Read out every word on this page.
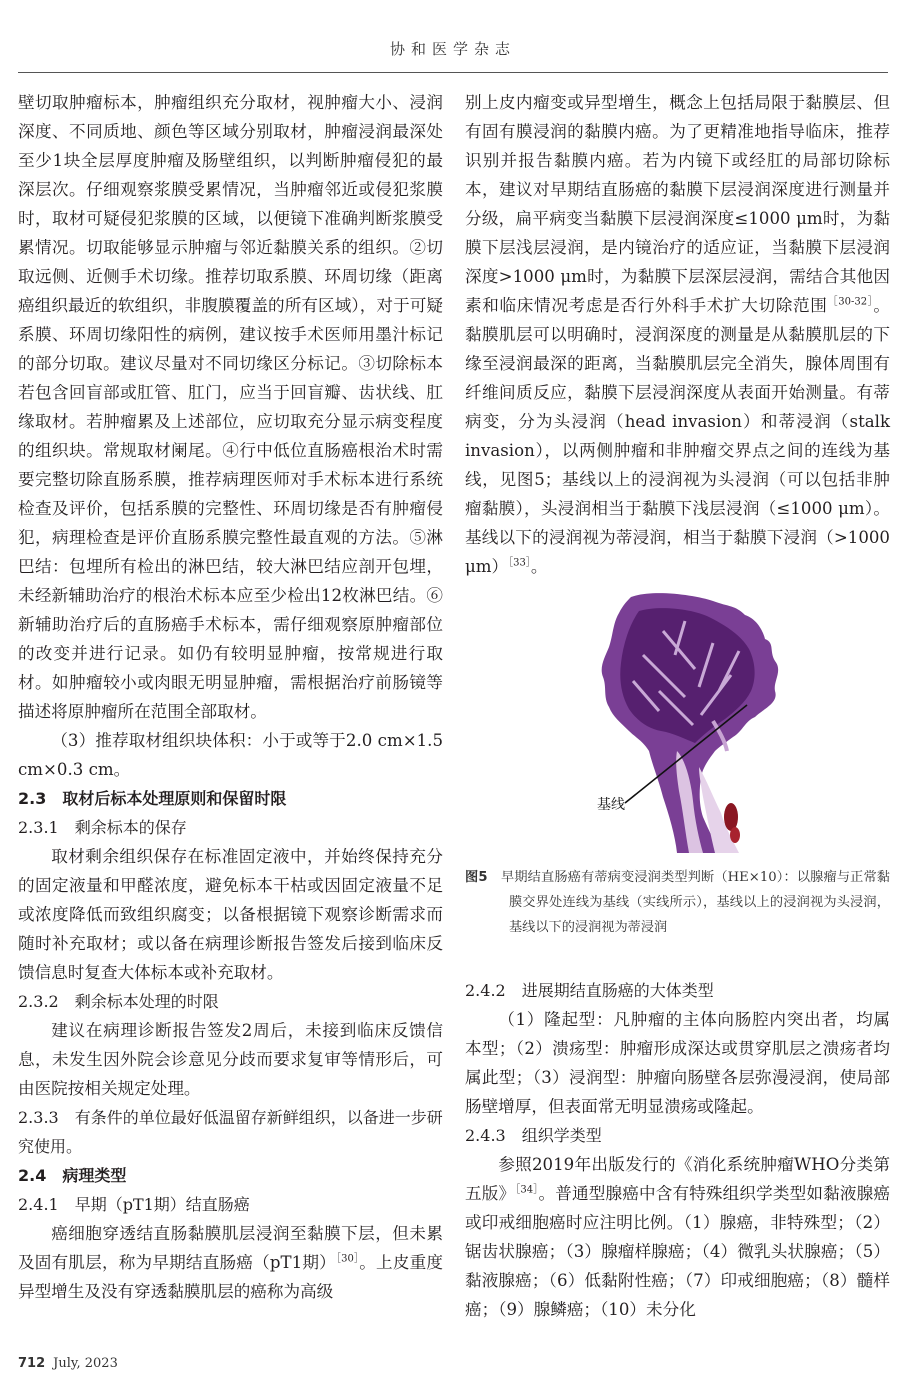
协和医学杂志

壁切取肿瘤标本，肿瘤组织充分取材，视肿瘤大小、浸润深度、不同质地、颜色等区域分别取材，肿瘤浸润最深处至少1块全层厚度肿瘤及肠壁组织，以判断肿瘤侵犯的最深层次。仔细观察浆膜受累情况，当肿瘤邻近或侵犯浆膜时，取材可疑侵犯浆膜的区域，以便镜下准确判断浆膜受累情况。切取能够显示肿瘤与邻近黏膜关系的组织。②切取远侧、近侧手术切缘。推荐切取系膜、环周切缘（距离癌组织最近的软组织，非腹膜覆盖的所有区域），对于可疑系膜、环周切缘阳性的病例，建议按手术医师用墨汁标记的部分切取。建议尽量对不同切缘区分标记。③切除标本若包含回盲部或肛管、肛门，应当于回盲瓣、齿状线、肛缘取材。若肿瘤累及上述部位，应切取充分显示病变程度的组织块。常规取材阑尾。④行中低位直肠癌根治术时需要完整切除直肠系膜，推荐病理医师对手术标本进行系统检查及评价，包括系膜的完整性、环周切缘是否有肿瘤侵犯，病理检查是评价直肠系膜完整性最直观的方法。⑤淋巴结：包埋所有检出的淋巴结，较大淋巴结应剖开包埋，未经新辅助治疗的根治术标本应至少检出12枚淋巴结。⑥新辅助治疗后的直肠癌手术标本，需仔细观察原肿瘤部位的改变并进行记录。如仍有较明显肿瘤，按常规进行取材。如肿瘤较小或肉眼无明显肿瘤，需根据治疗前肠镜等描述将原肿瘤所在范围全部取材。

（3）推荐取材组织块体积：小于或等于2.0 cm×1.5 cm×0.3 cm。

2.3　取材后标本处理原则和保留时限

2.3.1　剩余标本的保存

取材剩余组织保存在标准固定液中，并始终保持充分的固定液量和甲醛浓度，避免标本干枯或因固定液量不足或浓度降低而致组织腐变；以备根据镜下观察诊断需求而随时补充取材；或以备在病理诊断报告签发后接到临床反馈信息时复查大体标本或补充取材。

2.3.2　剩余标本处理的时限

建议在病理诊断报告签发2周后，未接到临床反馈信息，未发生因外院会诊意见分歧而要求复审等情形后，可由医院按相关规定处理。

2.3.3　有条件的单位最好低温留存新鲜组织，以备进一步研究使用。

2.4　病理类型

2.4.1　早期（pT1期）结直肠癌

癌细胞穿透结直肠黏膜肌层浸润至黏膜下层，但未累及固有肌层，称为早期结直肠癌（pT1期）$^{[30]}$。上皮重度异型增生及没有穿透黏膜肌层的癌称为高级

别上皮内瘤变或异型增生，概念上包括局限于黏膜层、但有固有膜浸润的黏膜内癌。为了更精准地指导临床，推荐识别并报告黏膜内癌。若为内镜下或经肛的局部切除标本，建议对早期结直肠癌的黏膜下层浸润深度进行测量并分级，扁平病变当黏膜下层浸润深度≤1000 μm时，为黏膜下层浅层浸润，是内镜治疗的适应证，当黏膜下层浸润深度>1000 μm时，为黏膜下层深层浸润，需结合其他因素和临床情况考虑是否行外科手术扩大切除范围$^{[30-32]}$。黏膜肌层可以明确时，浸润深度的测量是从黏膜肌层的下缘至浸润最深的距离，当黏膜肌层完全消失，腺体周围有纤维间质反应，黏膜下层浸润深度从表面开始测量。有蒂病变，分为头浸润（head invasion）和蒂浸润（stalk invasion），以两侧肿瘤和非肿瘤交界点之间的连线为基线，见图5；基线以上的浸润视为头浸润（可以包括非肿瘤黏膜），头浸润相当于黏膜下浅层浸润（≤1000 μm）。基线以下的浸润视为蒂浸润，相当于黏膜下浸润（>1000 μm）$^{[33]}$。

基线

图5　 早期结直肠癌有蒂病变浸润类型判断（HE×10）：以腺瘤与正常黏膜交界处连线为基线（实线所示），基线以上的浸润视为头浸润，基线以下的浸润视为蒂浸润

2.4.2　进展期结直肠癌的大体类型

（1）隆起型：凡肿瘤的主体向肠腔内突出者，均属本型；（2）溃疡型：肿瘤形成深达或贯穿肌层之溃疡者均属此型；（3）浸润型：肿瘤向肠壁各层弥漫浸润，使局部肠壁增厚，但表面常无明显溃疡或隆起。

2.4.3　组织学类型

参照2019年出版发行的《消化系统肿瘤WHO分类第五版》$^{[34]}$。普通型腺癌中含有特殊组织学类型如黏液腺癌或印戒细胞癌时应注明比例。（1）腺癌，非特殊型；（2）锯齿状腺癌；（3）腺瘤样腺癌；（4）微乳头状腺癌；（5）黏液腺癌；（6）低黏附性癌；（7）印戒细胞癌；（8）髓样癌；（9）腺鳞癌；（10）未分化

712 July, 2023
